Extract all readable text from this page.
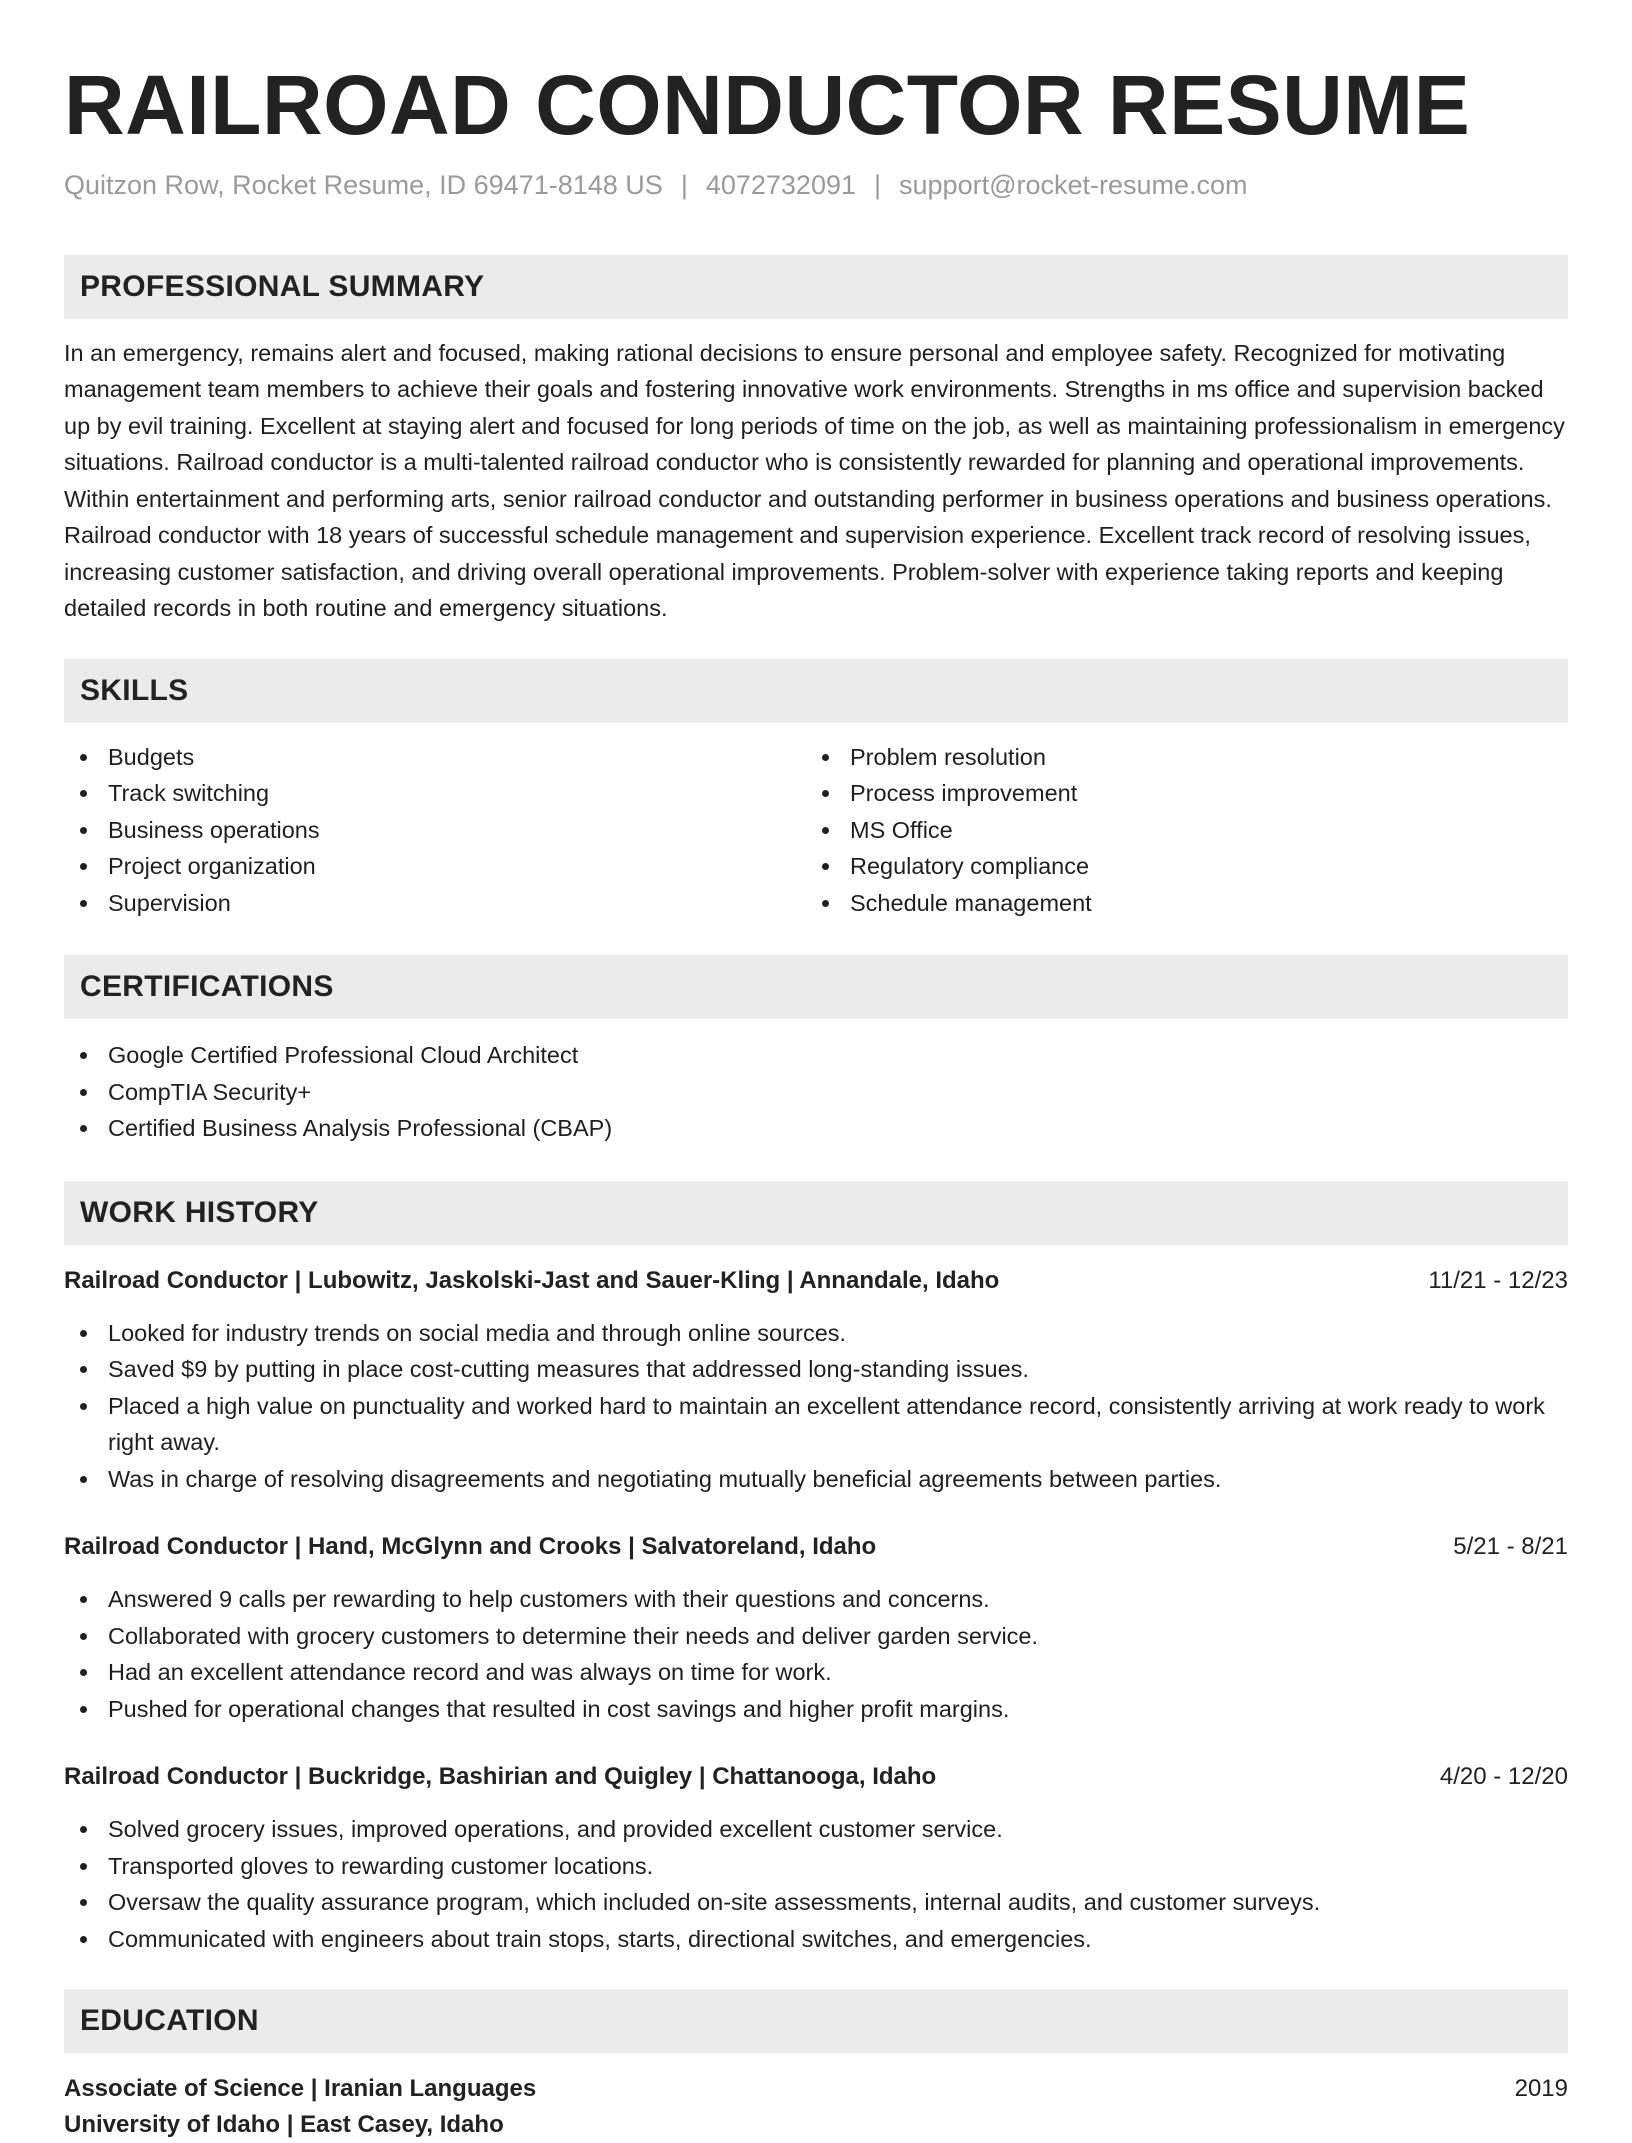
RAILROAD CONDUCTOR RESUME
Quitzon Row, Rocket Resume, ID 69471-8148 US | 4072732091 | support@rocket-resume.com
PROFESSIONAL SUMMARY

In an emergency, remains alert and focused, making rational decisions to ensure personal and employee safety. Recognized for motivating management team members to achieve their goals and fostering innovative work environments. Strengths in ms office and supervision backed up by evil training. Excellent at staying alert and focused for long periods of time on the job, as well as maintaining professionalism in emergency situations. Railroad conductor is a multi-talented railroad conductor who is consistently rewarded for planning and operational improvements. Within entertainment and performing arts, senior railroad conductor and outstanding performer in business operations and business operations. Railroad conductor with 18 years of successful schedule management and supervision experience. Excellent track record of resolving issues, increasing customer satisfaction, and driving overall operational improvements. Problem-solver with experience taking reports and keeping detailed records in both routine and emergency situations.

SKILLS
Budgets
Track switching
Business operations
Project organization
Supervision
Problem resolution
Process improvement
MS Office
Regulatory compliance
Schedule management
CERTIFICATIONS
Google Certified Professional Cloud Architect
CompTIA Security+
Certified Business Analysis Professional (CBAP)
WORK HISTORY
Railroad Conductor | Lubowitz, Jaskolski-Jast and Sauer-Kling | Annandale, Idaho	11/21 - 12/23
Looked for industry trends on social media and through online sources.
Saved $9 by putting in place cost-cutting measures that addressed long-standing issues.
Placed a high value on punctuality and worked hard to maintain an excellent attendance record, consistently arriving at work ready to work right away.
Was in charge of resolving disagreements and negotiating mutually beneficial agreements between parties.
Railroad Conductor | Hand, McGlynn and Crooks | Salvatoreland, Idaho	5/21 - 8/21
Answered 9 calls per rewarding to help customers with their questions and concerns.
Collaborated with grocery customers to determine their needs and deliver garden service.
Had an excellent attendance record and was always on time for work.
Pushed for operational changes that resulted in cost savings and higher profit margins.
Railroad Conductor | Buckridge, Bashirian and Quigley | Chattanooga, Idaho	4/20 - 12/20
Solved grocery issues, improved operations, and provided excellent customer service.
Transported gloves to rewarding customer locations.
Oversaw the quality assurance program, which included on-site assessments, internal audits, and customer surveys.
Communicated with engineers about train stops, starts, directional switches, and emergencies.
EDUCATION
Associate of Science | Iranian Languages	2019
University of Idaho | East Casey, Idaho
